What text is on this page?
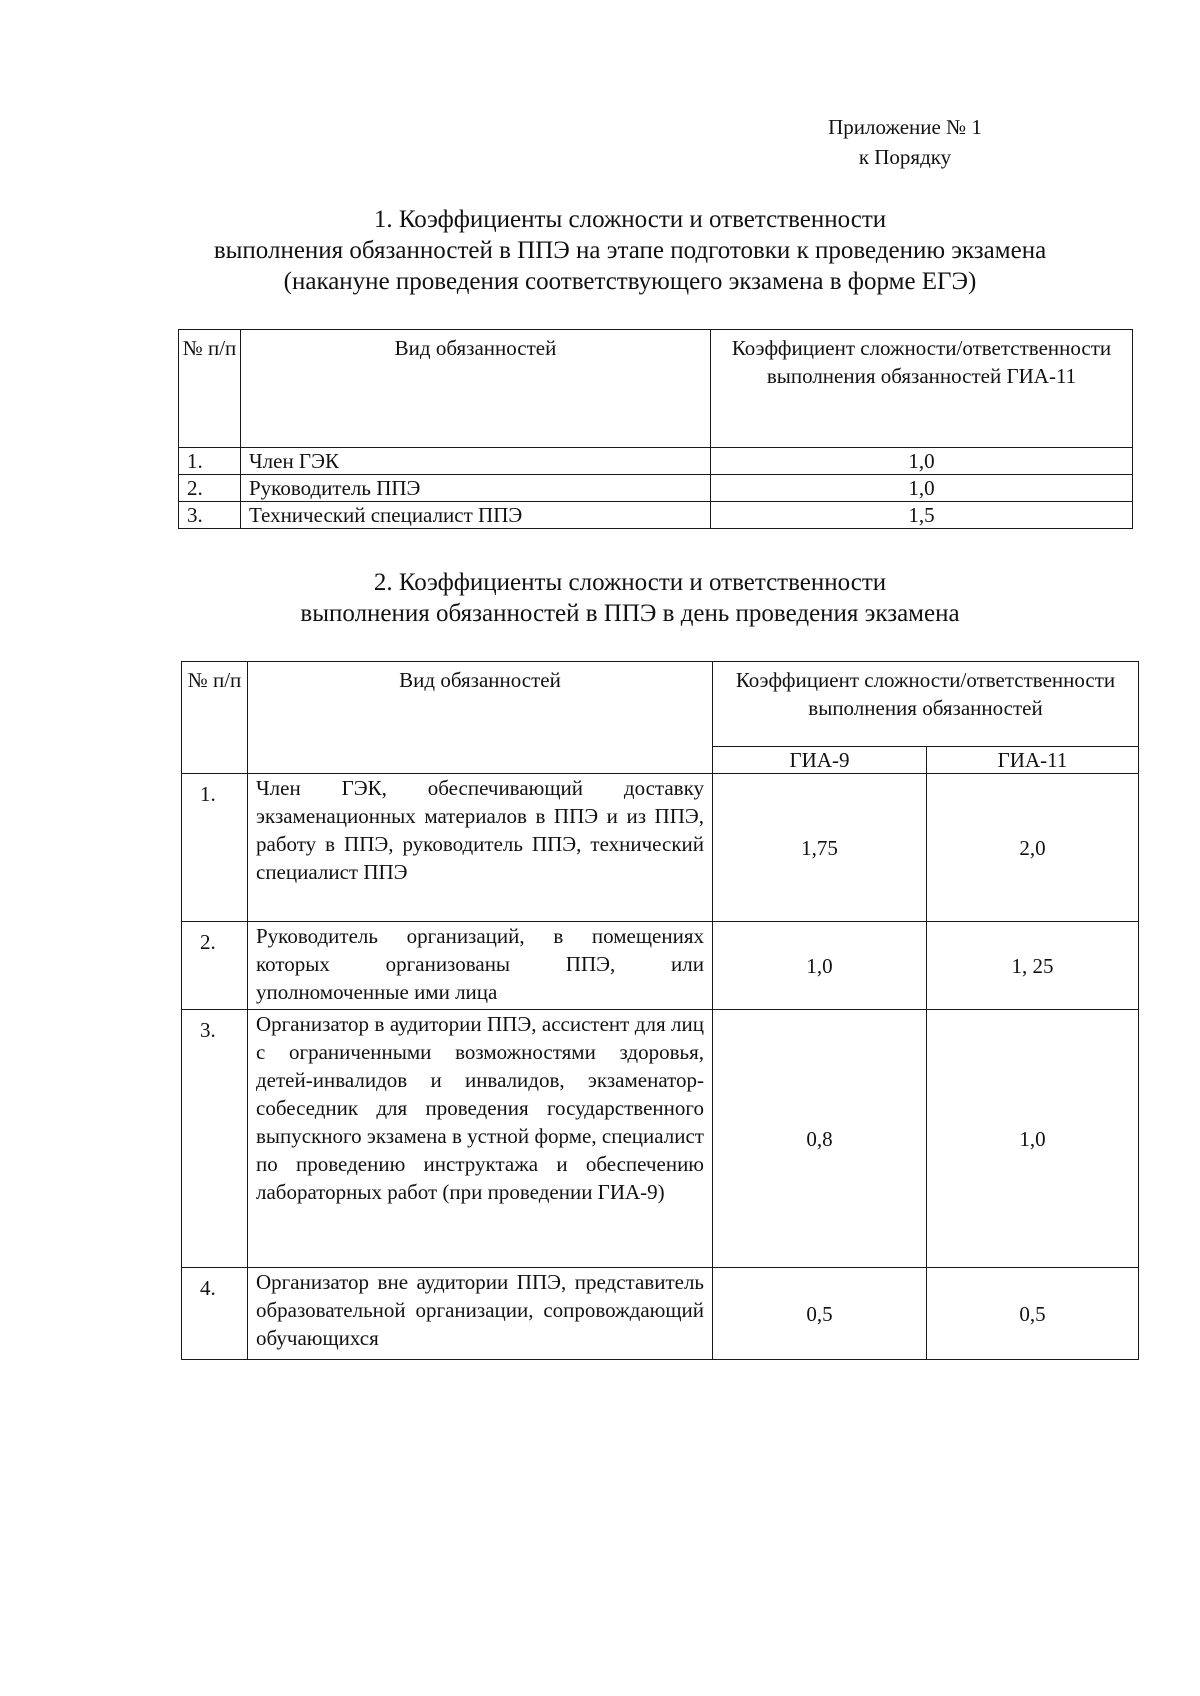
Приложение № 1
к Порядку
1. Коэффициенты сложности и ответственности
выполнения обязанностей в ППЭ на этапе подготовки к проведению экзамена
(накануне проведения соответствующего экзамена в форме ЕГЭ)
№ п/п	Вид обязанностей	Коэффициент сложности/ответственности выполнения обязанностей ГИА-11
1.	Член ГЭК	1,0
2.	Руководитель ППЭ	1,0
3.	Технический специалист ППЭ	1,5
2. Коэффициенты сложности и ответственности
выполнения обязанностей в ППЭ в день проведения экзамена
№ п/п	Вид обязанностей	Коэффициент сложности/ответственности выполнения обязанностей	
		ГИА-9	ГИА-11
1.	Член ГЭК, обеспечивающий доставку экзаменационных материалов в ППЭ и из ППЭ, работу в ППЭ, руководитель ППЭ, технический специалист ППЭ	1,75	2,0
2.	Руководитель организаций, в помещениях которых организованы ППЭ, или уполномоченные ими лица	1,0	1, 25
3.	Организатор в аудитории ППЭ, ассистент для лиц с ограниченными возможностями здоровья, детей-инвалидов и инвалидов, экзаменатор-собеседник для проведения государственного выпускного экзамена в устной форме, специалист по проведению инструктажа и обеспечению лабораторных работ (при проведении ГИА-9)	0,8	1,0
4.	Организатор вне аудитории ППЭ, представитель образовательной организации, сопровождающий обучающихся	0,5	0,5
